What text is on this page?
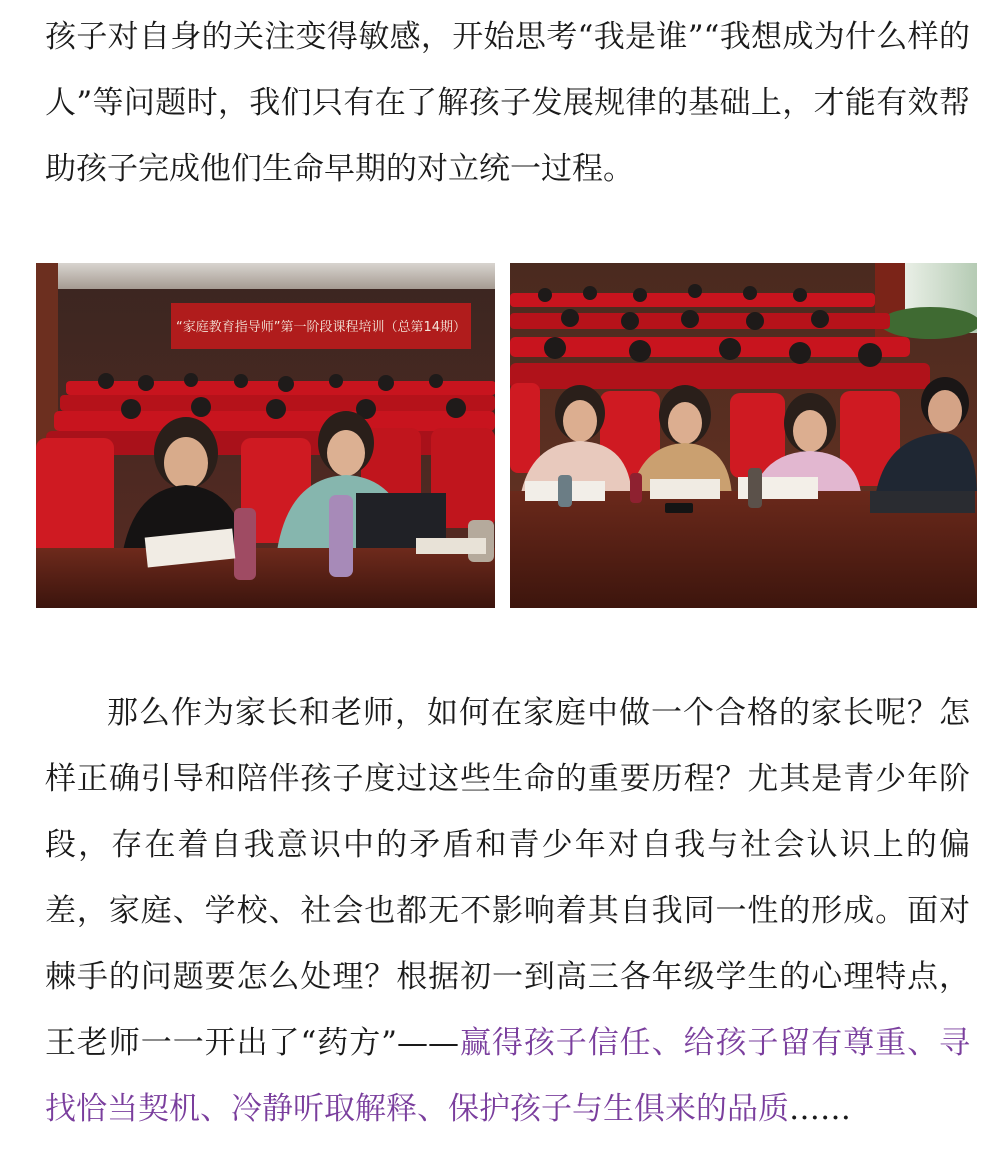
孩子对自身的关注变得敏感，开始思考“我是谁”“我想成为什么样的人”等问题时，我们只有在了解孩子发展规律的基础上，才能有效帮助孩子完成他们生命早期的对立统一过程。

“家庭教育指导师”第一阶段课程培训（总第14期）

那么作为家长和老师，如何在家庭中做一个合格的家长呢？怎样正确引导和陪伴孩子度过这些生命的重要历程？尤其是青少年阶段，存在着自我意识中的矛盾和青少年对自我与社会认识上的偏差，家庭、学校、社会也都无不影响着其自我同一性的形成。面对棘手的问题要怎么处理？根据初一到高三各年级学生的心理特点，王老师一一开出了“药方”——赢得孩子信任、给孩子留有尊重、寻找恰当契机、冷静听取解释、保护孩子与生俱来的品质……
